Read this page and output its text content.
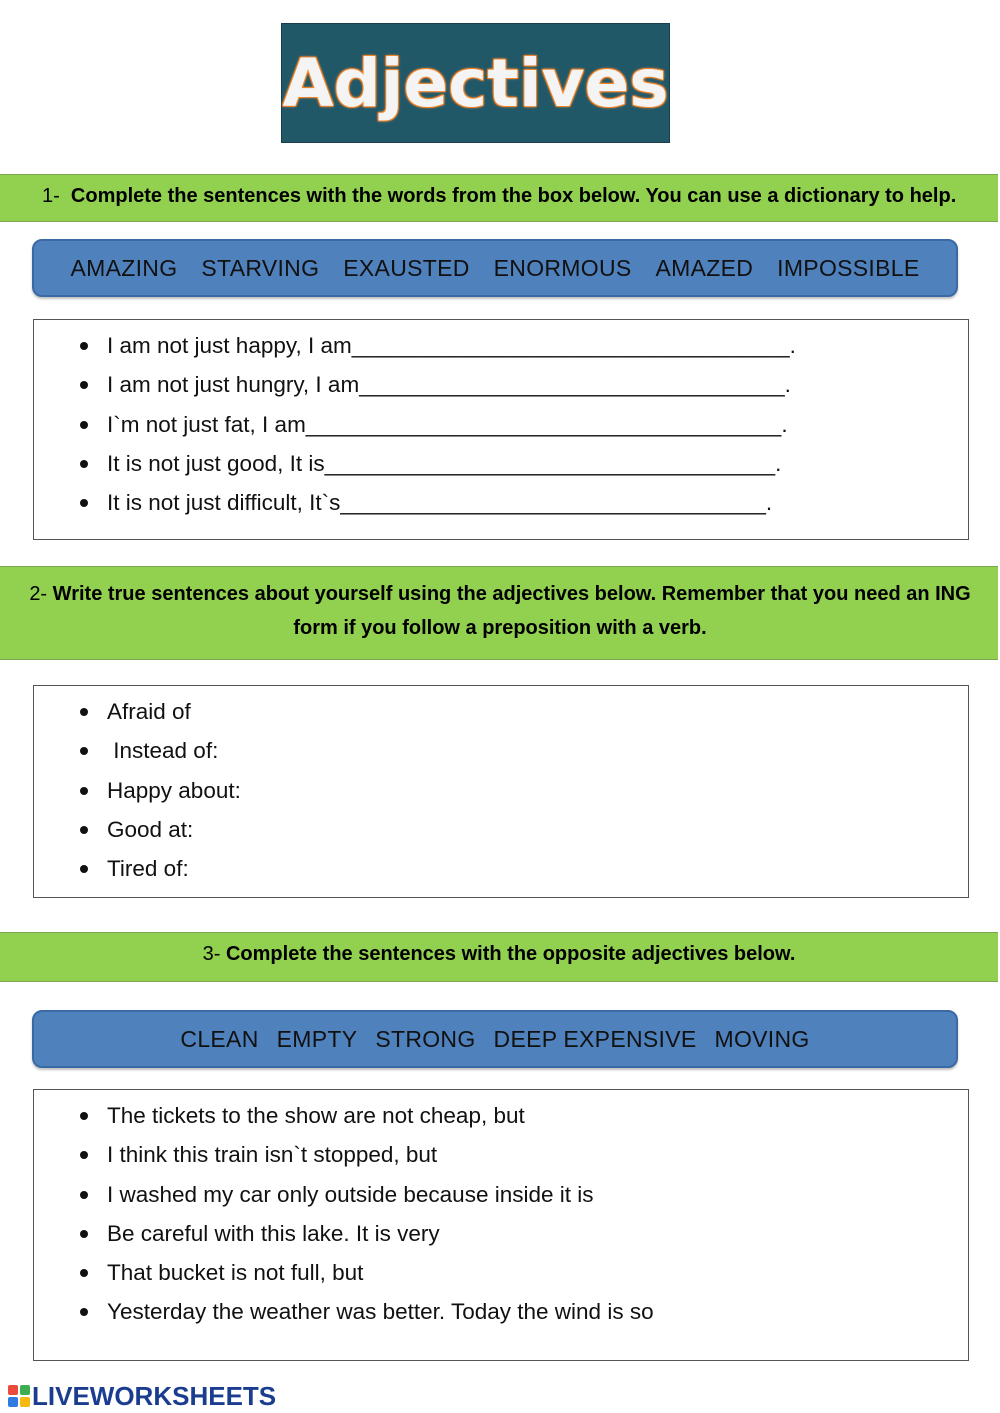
Adjectives
1- Complete the sentences with the words from the box below. You can use a dictionary to help.
AMAZING STARVING EXAUSTED ENORMOUS AMAZED IMPOSSIBLE
I am not just happy, I am___________________________________.
I am not just hungry, I am__________________________________.
I`m not just fat, I am______________________________________.
It is not just good, It is____________________________________.
It is not just difficult, It`s__________________________________.
2- Write true sentences about yourself using the adjectives below. Remember that you need an ING form if you follow a preposition with a verb.
Afraid of
Instead of:
Happy about:
Good at:
Tired of:
3- Complete the sentences with the opposite adjectives below.
CLEAN EMPTY STRONG DEEP EXPENSIVE MOVING
The tickets to the show are not cheap, but
I think this train isn`t stopped, but
I washed my car only outside because inside it is
Be careful with this lake. It is very
That bucket is not full, but
Yesterday the weather was better. Today the wind is so
LIVEWORKSHEETS
